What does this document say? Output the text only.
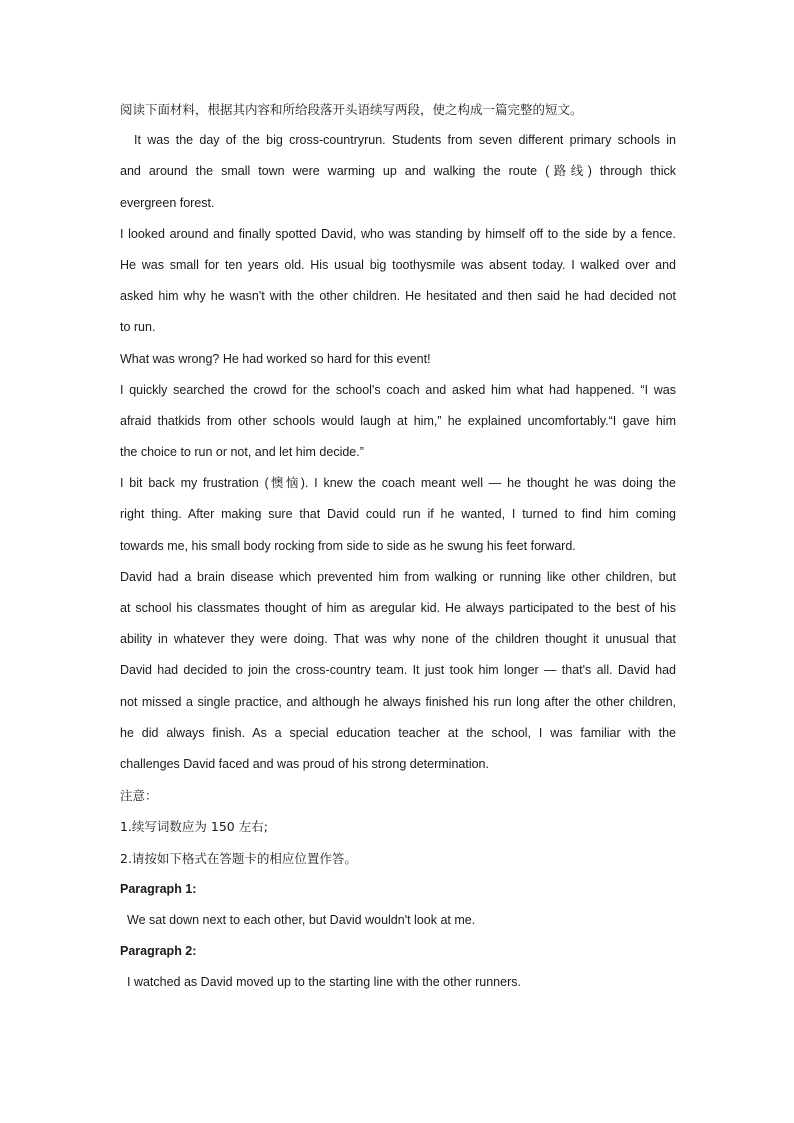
阅读下面材料，根据其内容和所给段落开头语续写两段，使之构成一篇完整的短文。
It was the day of the big cross-countryrun. Students from seven different primary schools in
and around the small town were warming up and walking the route (路线) through thick
evergreen forest.
I looked around and finally spotted David, who was standing by himself off to the side by a fence.
He was small for ten years old. His usual big toothysmile was absent today. I walked over and
asked him why he wasn't with the other children. He hesitated and then said he had decided not
to run.
What was wrong? He had worked so hard for this event!
I quickly searched the crowd for the school's coach and asked him what had happened. “I was
afraid thatkids from other schools would laugh at him,” he explained uncomfortably.“I gave him
the choice to run or not, and let him decide.”
I bit back my frustration (懊恼). I knew the coach meant well — he thought he was doing the
right thing. After making sure that David could run if he wanted, I turned to find him coming
towards me, his small body rocking from side to side as he swung his feet forward.
David had a brain disease which prevented him from walking or running like other children, but
at school his classmates thought of him as aregular kid. He always participated to the best of his
ability in whatever they were doing. That was why none of the children thought it unusual that
David had decided to join the cross-country team. It just took him longer — that's all. David had
not missed a single practice, and although he always finished his run long after the other children,
he did always finish. As a special education teacher at the school, I was familiar with the
challenges David faced and was proud of his strong determination.
注意：
1.续写词数应为 150 左右;
2.请按如下格式在答题卡的相应位置作答。
Paragraph 1:
We sat down next to each other, but David wouldn't look at me.
Paragraph 2:
I watched as David moved up to the starting line with the other runners.
